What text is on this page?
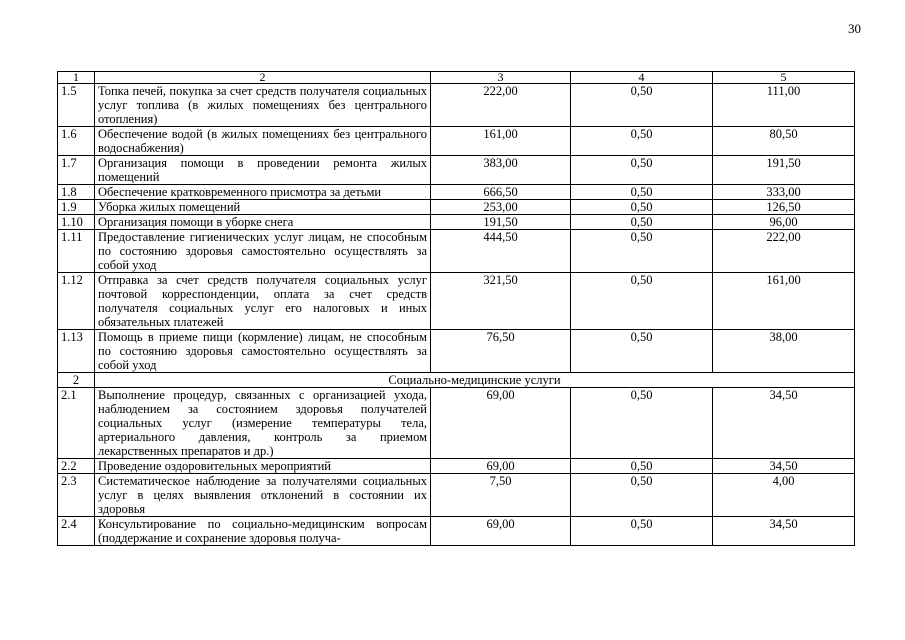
30
1	2	3	4	5
1.5	Топка печей, покупка за счет средств получателя социальных услуг топлива (в жилых помещениях без центрального отопления)	222,00	0,50	111,00
1.6	Обеспечение водой (в жилых помещениях без центрального водоснабжения)	161,00	0,50	80,50
1.7	Организация помощи в проведении ремонта жилых помещений	383,00	0,50	191,50
1.8	Обеспечение кратковременного присмотра за детьми	666,50	0,50	333,00
1.9	Уборка жилых помещений	253,00	0,50	126,50
1.10	Организация помощи в уборке снега	191,50	0,50	96,00
1.11	Предоставление гигиенических услуг лицам, не способным по состоянию здоровья самостоятельно осуществлять за собой уход	444,50	0,50	222,00
1.12	Отправка за счет средств получателя социальных услуг почтовой корреспонденции, оплата за счет средств получателя социальных услуг его налоговых и иных обязательных платежей	321,50	0,50	161,00
1.13	Помощь в приеме пищи (кормление) лицам, не способным по состоянию здоровья самостоятельно осуществлять за собой уход	76,50	0,50	38,00
2	Социально-медицинские услуги			
2.1	Выполнение процедур, связанных с организацией ухода, наблюдением за состоянием здоровья получателей социальных услуг (измерение температуры тела, артериального давления, контроль за приемом лекарственных препаратов и др.)	69,00	0,50	34,50
2.2	Проведение оздоровительных мероприятий	69,00	0,50	34,50
2.3	Систематическое наблюдение за получателями социальных услуг в целях выявления отклонений в состоянии их здоровья	7,50	0,50	4,00
2.4	Консультирование по социально-медицинским вопросам (поддержание и сохранение здоровья получа-	69,00	0,50	34,50
